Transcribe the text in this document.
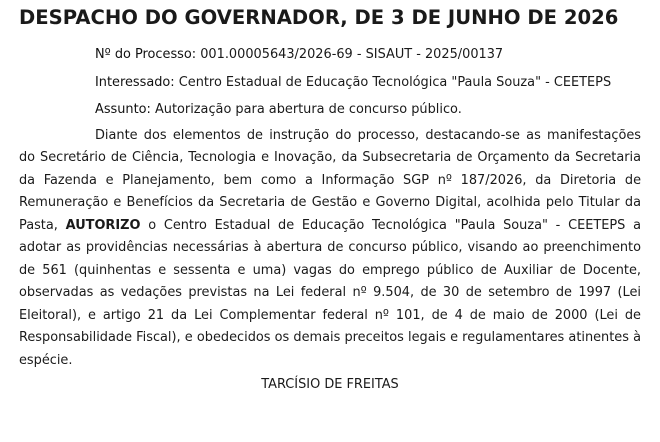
DESPACHO DO GOVERNADOR, DE 3 DE JUNHO DE 2026

Nº do Processo: 001.00005643/2026-69 - SISAUT - 2025/00137

Interessado: Centro Estadual de Educação Tecnológica "Paula Souza" - CEETEPS

Assunto: Autorização para abertura de concurso público.

Diante dos elementos de instrução do processo, destacando-se as manifestações do Secretário de Ciência, Tecnologia e Inovação, da Subsecretaria de Orçamento da Secretaria da Fazenda e Planejamento, bem como a Informação SGP nº 187/2026, da Diretoria de Remuneração e Benefícios da Secretaria de Gestão e Governo Digital, acolhida pelo Titular da Pasta, AUTORIZO o Centro Estadual de Educação Tecnológica "Paula Souza" - CEETEPS a adotar as providências necessárias à abertura de concurso público, visando ao preenchimento de 561 (quinhentas e sessenta e uma) vagas do emprego público de Auxiliar de Docente, observadas as vedações previstas na Lei federal nº 9.504, de 30 de setembro de 1997 (Lei Eleitoral), e artigo 21 da Lei Complementar federal nº 101, de 4 de maio de 2000 (Lei de Responsabilidade Fiscal), e obedecidos os demais preceitos legais e regulamentares atinentes à espécie.

TARCÍSIO DE FREITAS
